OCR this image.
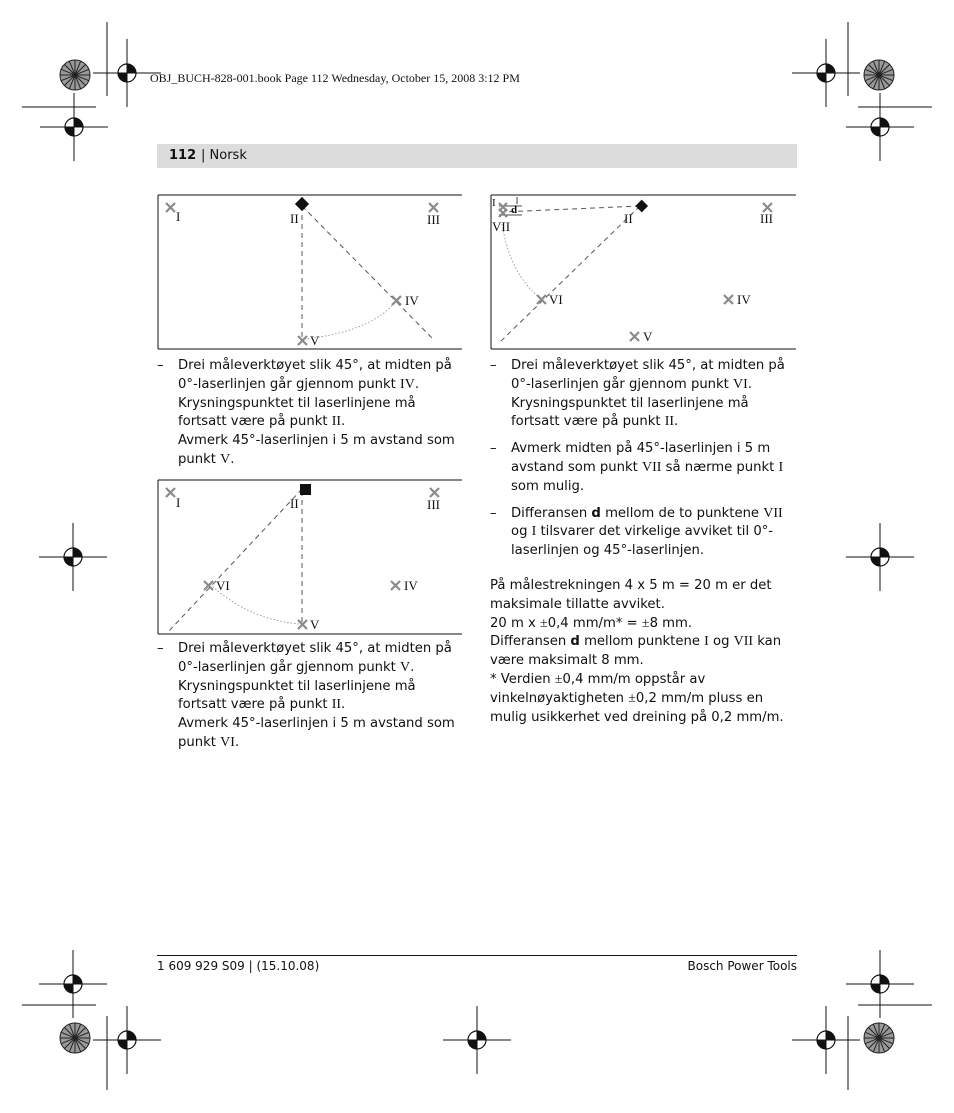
OBJ_BUCH-828-001.book Page 112 Wednesday, October 15, 2008 3:12 PM
112 | Norsk
I	II	III
IV
V
I	II	III
VI	IV
V
d
I
VII
II	III
VI	IV
V
– Drei måleverktøyet slik 45°, at midten på 0°-laserlinjen går gjennom punkt IV.
Krysningspunktet til laserlinjene må fortsatt være på punkt II.
Avmerk 45°-laserlinjen i 5 m avstand som punkt V.
– Drei måleverktøyet slik 45°, at midten på 0°-laserlinjen går gjennom punkt V.
Krysningspunktet til laserlinjene må fortsatt være på punkt II.
Avmerk 45°-laserlinjen i 5 m avstand som punkt VI.
– Drei måleverktøyet slik 45°, at midten på 0°-laserlinjen går gjennom punkt VI.
Krysningspunktet til laserlinjene må fortsatt være på punkt II.
– Avmerk midten på 45°-laserlinjen i 5 m avstand som punkt VII så nærme punkt I som mulig.
– Differansen d mellom de to punktene VII og I tilsvarer det virkelige avviket til 0°-laserlinjen og 45°-laserlinjen.

På målestrekningen 4 x 5 m = 20 m er det maksimale tillatte avviket.

20 m x ±0,4 mm/m* = ±8 mm.

Differansen d mellom punktene I og VII kan være maksimalt 8 mm.

* Verdien ±0,4 mm/m oppstår av vinkelnøyaktigheten ±0,2 mm/m pluss en mulig usikkerhet ved dreining på 0,2 mm/m.

1 609 929 S09 | (15.10.08)	Bosch Power Tools
